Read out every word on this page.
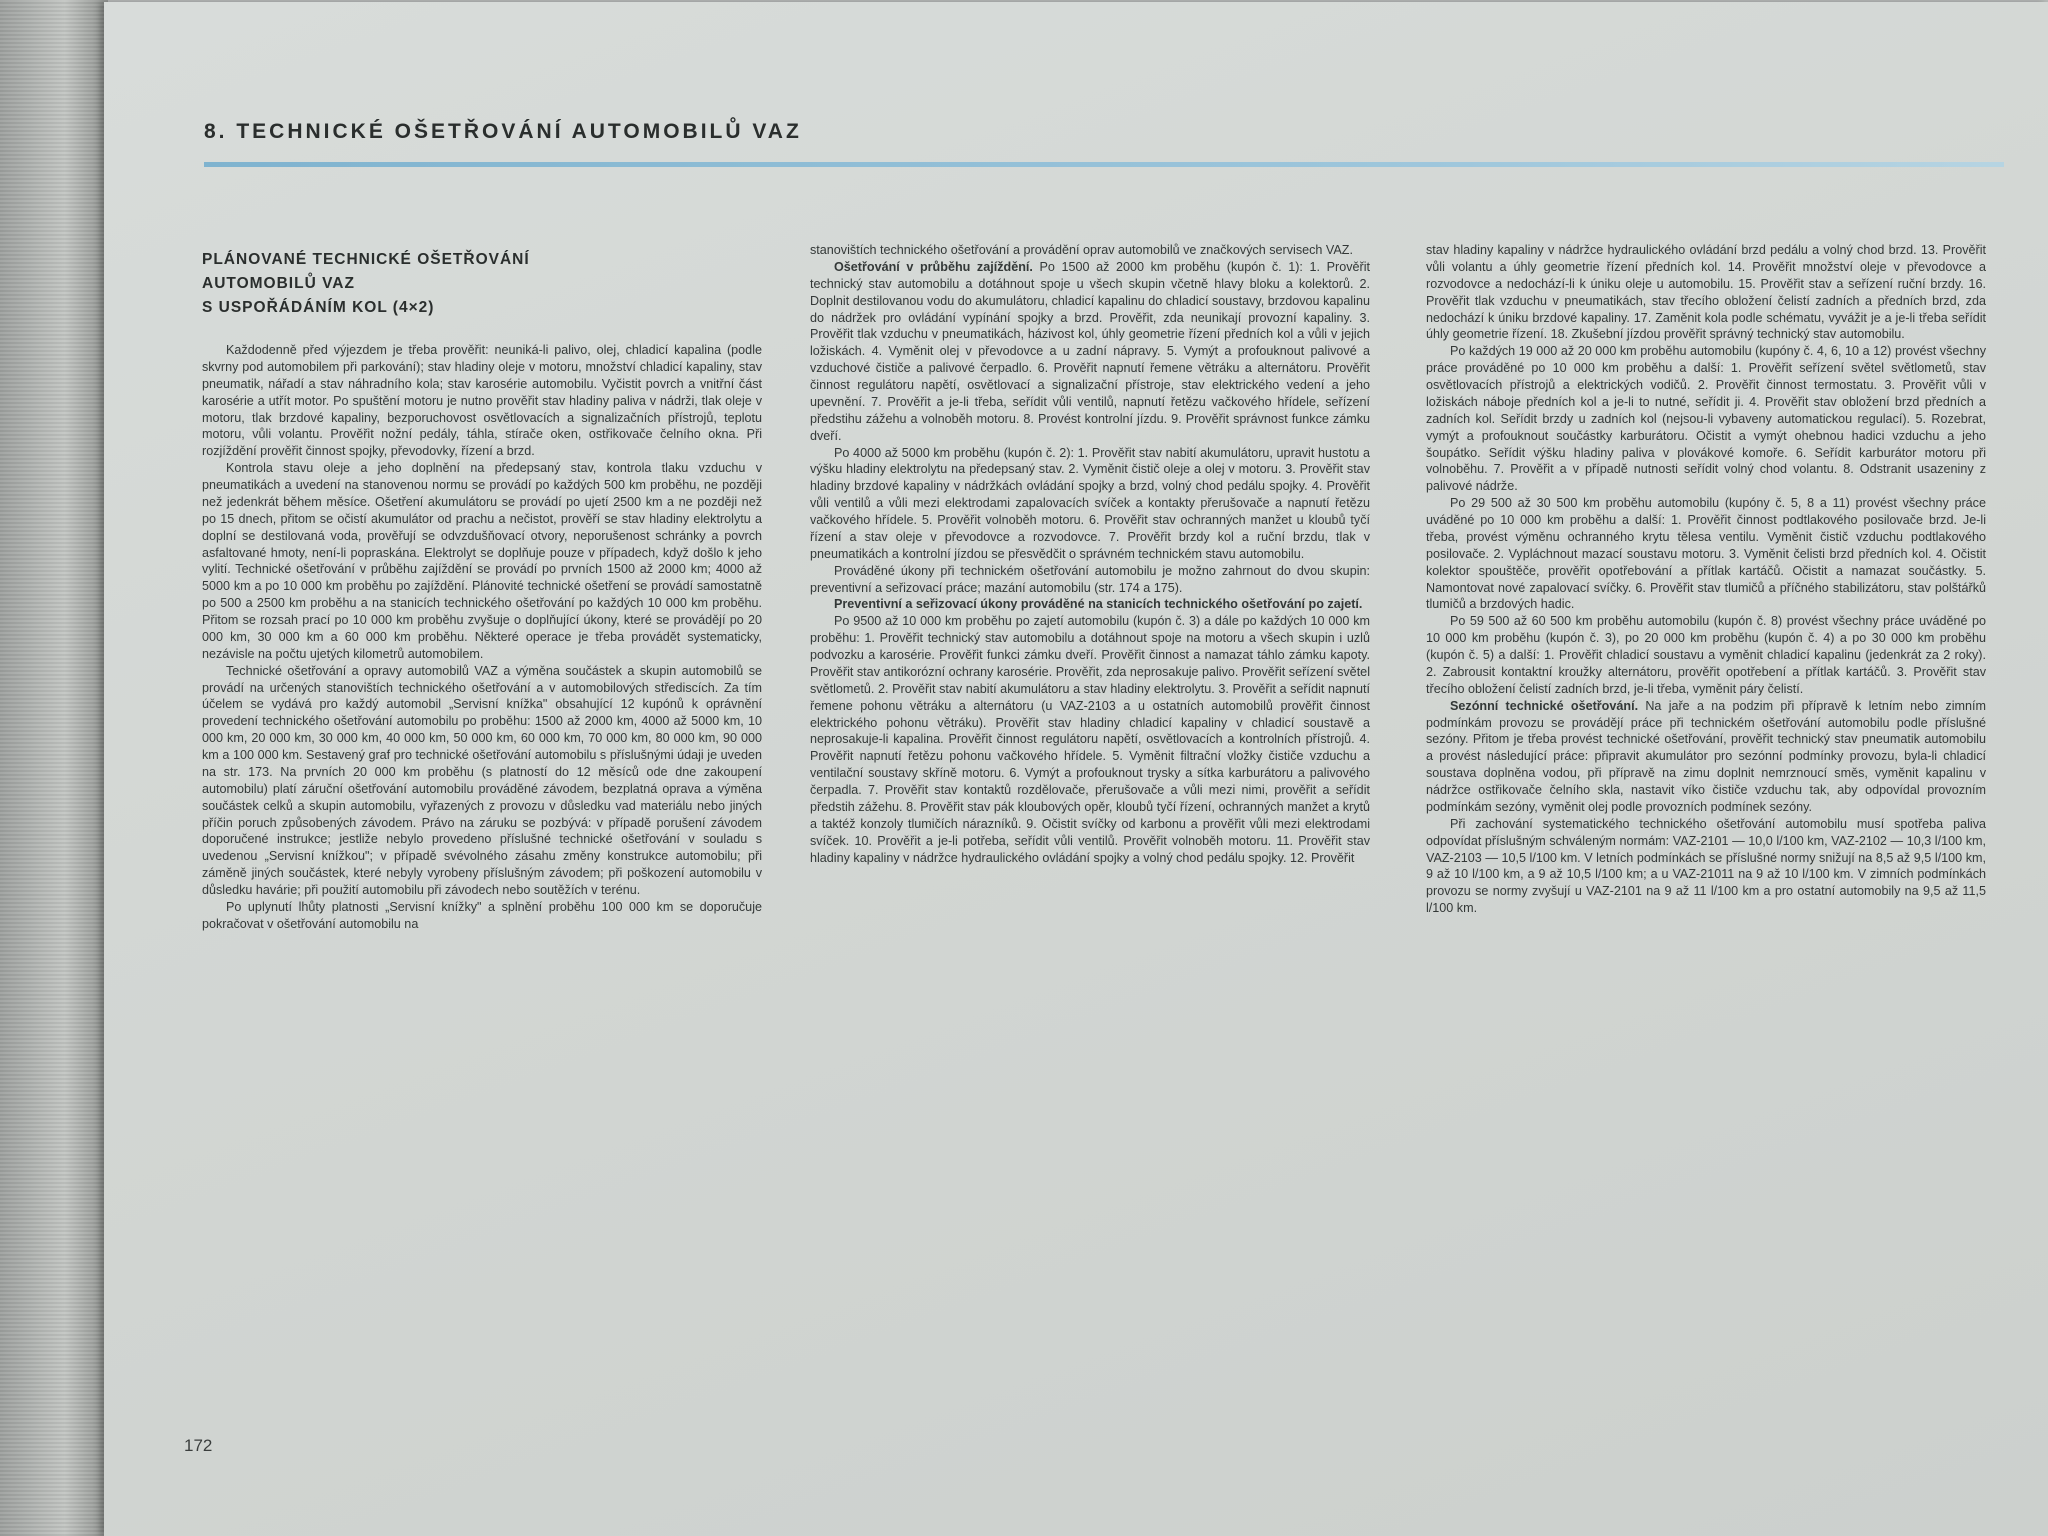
8. TECHNICKÉ OŠETŘOVÁNÍ AUTOMOBILŮ VAZ
PLÁNOVANÉ TECHNICKÉ OŠETŘOVÁNÍ
AUTOMOBILŮ VAZ
S USPOŘÁDÁNÍM KOL (4×2)

Každodenně před výjezdem je třeba prověřit: neuniká-li palivo, olej, chladicí kapalina (podle skvrny pod automobilem při parkování); stav hladiny oleje v motoru, množství chladicí kapaliny, stav pneumatik, nářadí a stav náhradního kola; stav karosérie automobilu. Vyčistit povrch a vnitřní část karosérie a utřít motor. Po spuštění motoru je nutno prověřit stav hladiny paliva v nádrži, tlak oleje v motoru, tlak brzdové kapaliny, bezporuchovost osvětlovacích a signalizačních přístrojů, teplotu motoru, vůli volantu. Prověřit nožní pedály, táhla, stírače oken, ostřikovače čelního okna. Při rozjíždění prověřit činnost spojky, převodovky, řízení a brzd.

Kontrola stavu oleje a jeho doplnění na předepsaný stav, kontrola tlaku vzduchu v pneumatikách a uvedení na stanovenou normu se provádí po každých 500 km proběhu, ne později než jedenkrát během měsíce. Ošetření akumulátoru se provádí po ujetí 2500 km a ne později než po 15 dnech, přitom se očistí akumulátor od prachu a nečistot, prověří se stav hladiny elektrolytu a doplní se destilovaná voda, prověřují se odvzdušňovací otvory, neporušenost schránky a povrch asfaltované hmoty, není-li popraskána. Elektrolyt se doplňuje pouze v případech, když došlo k jeho vylití. Technické ošetřování v průběhu zajíždění se provádí po prvních 1500 až 2000 km; 4000 až 5000 km a po 10 000 km proběhu po zajíždění. Plánovité technické ošetření se provádí samostatně po 500 a 2500 km proběhu a na stanicích technického ošetřování po každých 10 000 km proběhu. Přitom se rozsah prací po 10 000 km proběhu zvyšuje o doplňující úkony, které se provádějí po 20 000 km, 30 000 km a 60 000 km proběhu. Některé operace je třeba provádět systematicky, nezávisle na počtu ujetých kilometrů automobilem.

Technické ošetřování a opravy automobilů VAZ a výměna součástek a skupin automobilů se provádí na určených stanovištích technického ošetřování a v automobilových střediscích. Za tím účelem se vydává pro každý automobil „Servisní knížka" obsahující 12 kupónů k oprávnění provedení technického ošetřování automobilu po proběhu: 1500 až 2000 km, 4000 až 5000 km, 10 000 km, 20 000 km, 30 000 km, 40 000 km, 50 000 km, 60 000 km, 70 000 km, 80 000 km, 90 000 km a 100 000 km. Sestavený graf pro technické ošetřování automobilu s příslušnými údaji je uveden na str. 173. Na prvních 20 000 km proběhu (s platností do 12 měsíců ode dne zakoupení automobilu) platí záruční ošetřování automobilu prováděné závodem, bezplatná oprava a výměna součástek celků a skupin automobilu, vyřazených z provozu v důsledku vad materiálu nebo jiných příčin poruch způsobených závodem. Právo na záruku se pozbývá: v případě porušení závodem doporučené instrukce; jestliže nebylo provedeno příslušné technické ošetřování v souladu s uvedenou „Servisní knížkou"; v případě svévolného zásahu změny konstrukce automobilu; při záměně jiných součástek, které nebyly vyrobeny příslušným závodem; při poškození automobilu v důsledku havárie; při použití automobilu při závodech nebo soutěžích v terénu.

Po uplynutí lhůty platnosti „Servisní knížky" a splnění proběhu 100 000 km se doporučuje pokračovat v ošetřování automobilu na

stanovištích technického ošetřování a provádění oprav automobilů ve značkových servisech VAZ.

Ošetřování v průběhu zajíždění. Po 1500 až 2000 km proběhu (kupón č. 1): 1. Prověřit technický stav automobilu a dotáhnout spoje u všech skupin včetně hlavy bloku a kolektorů. 2. Doplnit destilovanou vodu do akumulátoru, chladicí kapalinu do chladicí soustavy, brzdovou kapalinu do nádržek pro ovládání vypínání spojky a brzd. Prověřit, zda neunikají provozní kapaliny. 3. Prověřit tlak vzduchu v pneumatikách, házivost kol, úhly geometrie řízení předních kol a vůli v jejich ložiskách. 4. Vyměnit olej v převodovce a u zadní nápravy. 5. Vymýt a profouknout palivové a vzduchové čističe a palivové čerpadlo. 6. Prověřit napnutí řemene větráku a alternátoru. Prověřit činnost regulátoru napětí, osvětlovací a signalizační přístroje, stav elektrického vedení a jeho upevnění. 7. Prověřit a je-li třeba, seřídit vůli ventilů, napnutí řetězu vačkového hřídele, seřízení předstihu zážehu a volnoběh motoru. 8. Provést kontrolní jízdu. 9. Prověřit správnost funkce zámku dveří.

Po 4000 až 5000 km proběhu (kupón č. 2): 1. Prověřit stav nabití akumulátoru, upravit hustotu a výšku hladiny elektrolytu na předepsaný stav. 2. Vyměnit čistič oleje a olej v motoru. 3. Prověřit stav hladiny brzdové kapaliny v nádržkách ovládání spojky a brzd, volný chod pedálu spojky. 4. Prověřit vůli ventilů a vůli mezi elektrodami zapalovacích svíček a kontakty přerušovače a napnutí řetězu vačkového hřídele. 5. Prověřit volnoběh motoru. 6. Prověřit stav ochranných manžet u kloubů tyčí řízení a stav oleje v převodovce a rozvodovce. 7. Prověřit brzdy kol a ruční brzdu, tlak v pneumatikách a kontrolní jízdou se přesvědčit o správném technickém stavu automobilu.

Prováděné úkony při technickém ošetřování automobilu je možno zahrnout do dvou skupin: preventivní a seřizovací práce; mazání automobilu (str. 174 a 175).

Preventivní a seřizovací úkony prováděné na stanicích technického ošetřování po zajetí.

Po 9500 až 10 000 km proběhu po zajetí automobilu (kupón č. 3) a dále po každých 10 000 km proběhu: 1. Prověřit technický stav automobilu a dotáhnout spoje na motoru a všech skupin i uzlů podvozku a karosérie. Prověřit funkci zámku dveří. Prověřit činnost a namazat táhlo zámku kapoty. Prověřit stav antikorózní ochrany karosérie. Prověřit, zda neprosakuje palivo. Prověřit seřízení světel světlometů. 2. Prověřit stav nabití akumulátoru a stav hladiny elektrolytu. 3. Prověřit a seřídit napnutí řemene pohonu větráku a alternátoru (u VAZ-2103 a u ostatních automobilů prověřit činnost elektrického pohonu větráku). Prověřit stav hladiny chladicí kapaliny v chladicí soustavě a neprosakuje-li kapalina. Prověřit činnost regulátoru napětí, osvětlovacích a kontrolních přístrojů. 4. Prověřit napnutí řetězu pohonu vačkového hřídele. 5. Vyměnit filtrační vložky čističe vzduchu a ventilační soustavy skříně motoru. 6. Vymýt a profouknout trysky a sítka karburátoru a palivového čerpadla. 7. Prověřit stav kontaktů rozdělovače, přerušovače a vůli mezi nimi, prověřit a seřídit předstih zážehu. 8. Prověřit stav pák kloubových opěr, kloubů tyčí řízení, ochranných manžet a krytů a taktéž konzoly tlumičích nárazníků. 9. Očistit svíčky od karbonu a prověřit vůli mezi elektrodami svíček. 10. Prověřit a je-li potřeba, seřídit vůli ventilů. Prověřit volnoběh motoru. 11. Prověřit stav hladiny kapaliny v nádržce hydraulického ovládání spojky a volný chod pedálu spojky. 12. Prověřit

stav hladiny kapaliny v nádržce hydraulického ovládání brzd pedálu a volný chod brzd. 13. Prověřit vůli volantu a úhly geometrie řízení předních kol. 14. Prověřit množství oleje v převodovce a rozvodovce a nedochází-li k úniku oleje u automobilu. 15. Prověřit stav a seřízení ruční brzdy. 16. Prověřit tlak vzduchu v pneumatikách, stav třecího obložení čelistí zadních a předních brzd, zda nedochází k úniku brzdové kapaliny. 17. Zaměnit kola podle schématu, vyvážit je a je-li třeba seřídit úhly geometrie řízení. 18. Zkušební jízdou prověřit správný technický stav automobilu.

Po každých 19 000 až 20 000 km proběhu automobilu (kupóny č. 4, 6, 10 a 12) provést všechny práce prováděné po 10 000 km proběhu a další: 1. Prověřit seřízení světel světlometů, stav osvětlovacích přístrojů a elektrických vodičů. 2. Prověřit činnost termostatu. 3. Prověřit vůli v ložiskách náboje předních kol a je-li to nutné, seřídit ji. 4. Prověřit stav obložení brzd předních a zadních kol. Seřídit brzdy u zadních kol (nejsou-li vybaveny automatickou regulací). 5. Rozebrat, vymýt a profouknout součástky karburátoru. Očistit a vymýt ohebnou hadici vzduchu a jeho šoupátko. Seřídit výšku hladiny paliva v plovákové komoře. 6. Seřídit karburátor motoru při volnoběhu. 7. Prověřit a v případě nutnosti seřídit volný chod volantu. 8. Odstranit usazeniny z palivové nádrže.

Po 29 500 až 30 500 km proběhu automobilu (kupóny č. 5, 8 a 11) provést všechny práce uváděné po 10 000 km proběhu a další: 1. Prověřit činnost podtlakového posilovače brzd. Je-li třeba, provést výměnu ochranného krytu tělesa ventilu. Vyměnit čistič vzduchu podtlakového posilovače. 2. Vypláchnout mazací soustavu motoru. 3. Vyměnit čelisti brzd předních kol. 4. Očistit kolektor spouštěče, prověřit opotřebování a přítlak kartáčů. Očistit a namazat součástky. 5. Namontovat nové zapalovací svíčky. 6. Prověřit stav tlumičů a příčného stabilizátoru, stav polštářků tlumičů a brzdových hadic.

Po 59 500 až 60 500 km proběhu automobilu (kupón č. 8) provést všechny práce uváděné po 10 000 km proběhu (kupón č. 3), po 20 000 km proběhu (kupón č. 4) a po 30 000 km proběhu (kupón č. 5) a další: 1. Prověřit chladicí soustavu a vyměnit chladicí kapalinu (jedenkrát za 2 roky). 2. Zabrousit kontaktní kroužky alternátoru, prověřit opotřebení a přítlak kartáčů. 3. Prověřit stav třecího obložení čelistí zadních brzd, je-li třeba, vyměnit páry čelistí.

Sezónní technické ošetřování. Na jaře a na podzim při přípravě k letním nebo zimním podmínkám provozu se provádějí práce při technickém ošetřování automobilu podle příslušné sezóny. Přitom je třeba provést technické ošetřování, prověřit technický stav pneumatik automobilu a provést následující práce: připravit akumulátor pro sezónní podmínky provozu, byla-li chladicí soustava doplněna vodou, při přípravě na zimu doplnit nemrznoucí směs, vyměnit kapalinu v nádržce ostřikovače čelního skla, nastavit víko čističe vzduchu tak, aby odpovídal provozním podmínkám sezóny, vyměnit olej podle provozních podmínek sezóny.

Při zachování systematického technického ošetřování automobilu musí spotřeba paliva odpovídat příslušným schváleným normám: VAZ-2101 — 10,0 l/100 km, VAZ-2102 — 10,3 l/100 km, VAZ-2103 — 10,5 l/100 km. V letních podmínkách se příslušné normy snižují na 8,5 až 9,5 l/100 km, 9 až 10 l/100 km, a 9 až 10,5 l/100 km; a u VAZ-21011 na 9 až 10 l/100 km. V zimních podmínkách provozu se normy zvyšují u VAZ-2101 na 9 až 11 l/100 km a pro ostatní automobily na 9,5 až 11,5 l/100 km.

172
